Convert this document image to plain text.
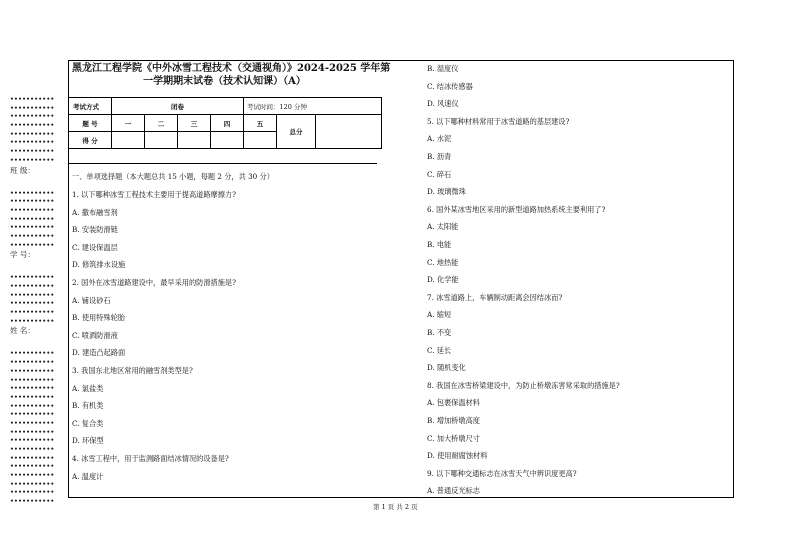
•••••••••••
•••••••••••
•••••••••••
•••••••••••
•••••••••••
•••••••••••
•••••••••••
•••••••••••
班 级：
•••••••••••
•••••••••••
•••••••••••
•••••••••••
•••••••••••
•••••••••••
•••••••••••
学 号：
•••••••••••
•••••••••••
•••••••••••
•••••••••••
•••••••••••
•••••••••••
姓 名：
•••••••••••
•••••••••••
•••••••••••
•••••••••••
•••••••••••
•••••••••••
•••••••••••
•••••••••••
•••••••••••
•••••••••••
•••••••••••
•••••••••••
•••••••••••
•••••••••••
•••••••••••
•••••••••••
•••••••••••
•••••••••••
黑龙江工程学院《中外冰雪工程技术（交通视角）》2024-2025 学年第
一学期期末试卷（技术认知课）（A）
考试方式	闭卷				考试时间：120 分钟		
题 号	一	二	三	四	五	总分	
得 分							
一、单项选择题（本大题总共 15 小题，每题 2 分，共 30 分）
1. 以下哪种冰雪工程技术主要用于提高道路摩擦力?
A. 撒布融雪剂
B. 安装防滑链
C. 建设保温层
D. 修筑排水设施
2. 国外在冰雪道路建设中，最早采用的防滑措施是?
A. 铺设砂石
B. 使用特殊轮胎
C. 喷洒防滑液
D. 建造凸起路面
3. 我国东北地区常用的融雪剂类型是?
A. 氯盐类
B. 有机类
C. 复合类
D. 环保型
4. 冰雪工程中，用于监测路面结冰情况的设备是?
A. 温度计
B. 湿度仪
C. 结冰传感器
D. 风速仪
5. 以下哪种材料常用于冰雪道路的基层建设?
A. 水泥
B. 沥青
C. 碎石
D. 玻璃微珠
6. 国外某冰雪地区采用的新型道路加热系统主要利用了?
A. 太阳能
B. 电能
C. 地热能
D. 化学能
7. 冰雪道路上，车辆制动距离会因结冰而?
A. 缩短
B. 不变
C. 延长
D. 随机变化
8. 我国在冰雪桥梁建设中，为防止桥墩冻害常采取的措施是?
A. 包裹保温材料
B. 增加桥墩高度
C. 加大桥墩尺寸
D. 使用耐腐蚀材料
9. 以下哪种交通标志在冰雪天气中辨识度更高?
A. 普通反光标志
第 1 页 共 2 页
